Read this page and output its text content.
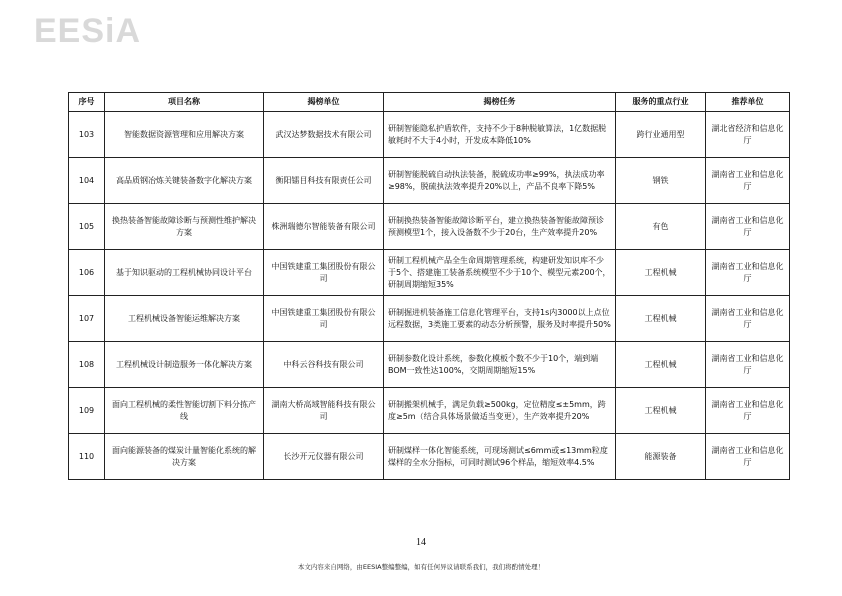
EESiA
序号	项目名称	揭榜单位	揭榜任务	服务的重点行业	推荐单位
103	智能数据资源管理和应用解决方案	武汉达梦数据技术有限公司	研制智能隐私护盾软件，支持不少于8种脱敏算法，1亿数据脱敏耗时不大于4小时，开发成本降低10%	跨行业通用型	湖北省经济和信息化厅
104	高品质钢冶炼关键装备数字化解决方案	衡阳镭目科技有限责任公司	研制智能脱硫自动执法装备，脱硫成功率≥99%，执法成功率≥98%，脱硫执法效率提升20%以上，产品不良率下降5%	钢铁	湖南省工业和信息化厅
105	换热装备智能故障诊断与预测性维护解决方案	株洲瑞德尔智能装备有限公司	研制换热装备智能故障诊断平台，建立换热装备智能故障预诊预测模型1个，接入设备数不少于20台，生产效率提升20%	有色	湖南省工业和信息化厅
106	基于知识驱动的工程机械协同设计平台	中国铁建重工集团股份有限公司	研制工程机械产品全生命周期管理系统，构建研发知识库不少于5个、搭建施工装备系统模型不少于10个、模型元素200个，研制周期缩短35%	工程机械	湖南省工业和信息化厅
107	工程机械设备智能运维解决方案	中国铁建重工集团股份有限公司	研制掘进机装备施工信息化管理平台，支持1s内3000以上点位远程数据，3类施工要素的动态分析预警，服务及时率提升50%	工程机械	湖南省工业和信息化厅
108	工程机械设计制造服务一体化解决方案	中科云谷科技有限公司	研制参数化设计系统，参数化模板个数不少于10个，端到端BOM一致性达100%，交期周期缩短15%	工程机械	湖南省工业和信息化厅
109	面向工程机械的柔性智能切割下料分拣产线	湖南大桥高域智能科技有限公司	研制搬架机械手，满足负载≥500kg，定位精度≤±5mm，跨度≥5m（结合具体场景做适当变更），生产效率提升20%	工程机械	湖南省工业和信息化厅
110	面向能源装备的煤炭计量智能化系统的解决方案	长沙开元仪器有限公司	研制煤样一体化智能系统，可现场测试≤6mm或≤13mm粒度煤样的全水分指标，可同时测试96个样品，缩短效率4.5%	能源装备	湖南省工业和信息化厅
14
本文内容来自网络，由EESIA整编整编，如有任何异议请联系我们，我们将酌情处理！
